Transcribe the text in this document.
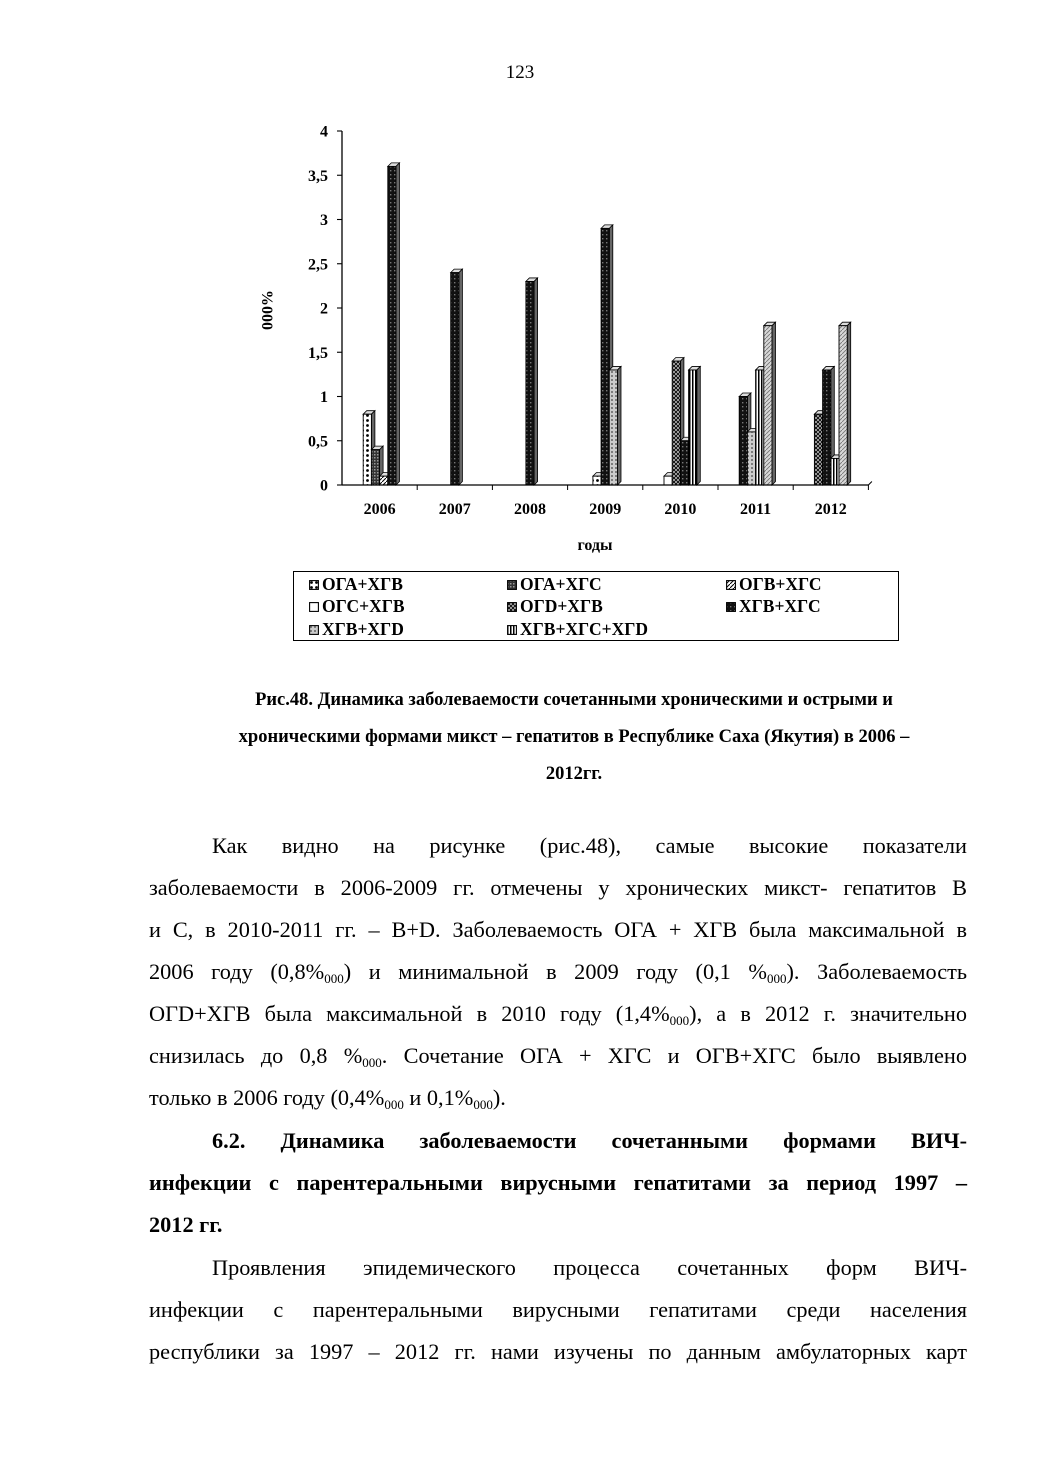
123
0
0,5
1
1,5
2
2,5
3
3,5
4
2006	2007	2008	2009	2010	2011	2012
годы
%000
ОГА+ХГВ	ОГА+ХГС	ОГВ+ХГС
ОГС+ХГВ	ОГD+ХГВ	ХГВ+ХГС
ХГВ+ХГD	ХГВ+ХГС+ХГD
Рис.48. Динамика заболеваемости сочетанными хроническими и острыми и
хроническими формами микст – гепатитов в Республике Саха (Якутия) в 2006 –
2012гг.
Как видно на рисунке (рис.48), самые высокие показатели
заболеваемости в 2006-2009 гг. отмечены у хронических микст- гепатитов В
и С, в 2010-2011 гг. – В+D. Заболеваемость ОГА + ХГВ была максимальной в
2006 году $(0,8\%_{000})$ и минимальной в 2009 году (0,1 $\%_{000}$). Заболеваемость
ОГD+ХГВ была максимальной в 2010 году $(1,4\%_{000})$, а в 2012 г. значительно
снизилась до 0,8 $\%_{000}$. Сочетание ОГА + ХГС и ОГВ+ХГС было выявлено
только в 2006 году ($0,4\%_{000}$ и $0,1\%_{000}$).
6.2. Динамика заболеваемости сочетанными формами ВИЧ-
инфекции с парентеральными вирусными гепатитами за период 1997 –
2012 гг.
Проявления эпидемического процесса сочетанных форм ВИЧ-
инфекции с парентеральными вирусными гепатитами среди населения
республики за 1997 – 2012 гг. нами изучены по данным амбулаторных карт
